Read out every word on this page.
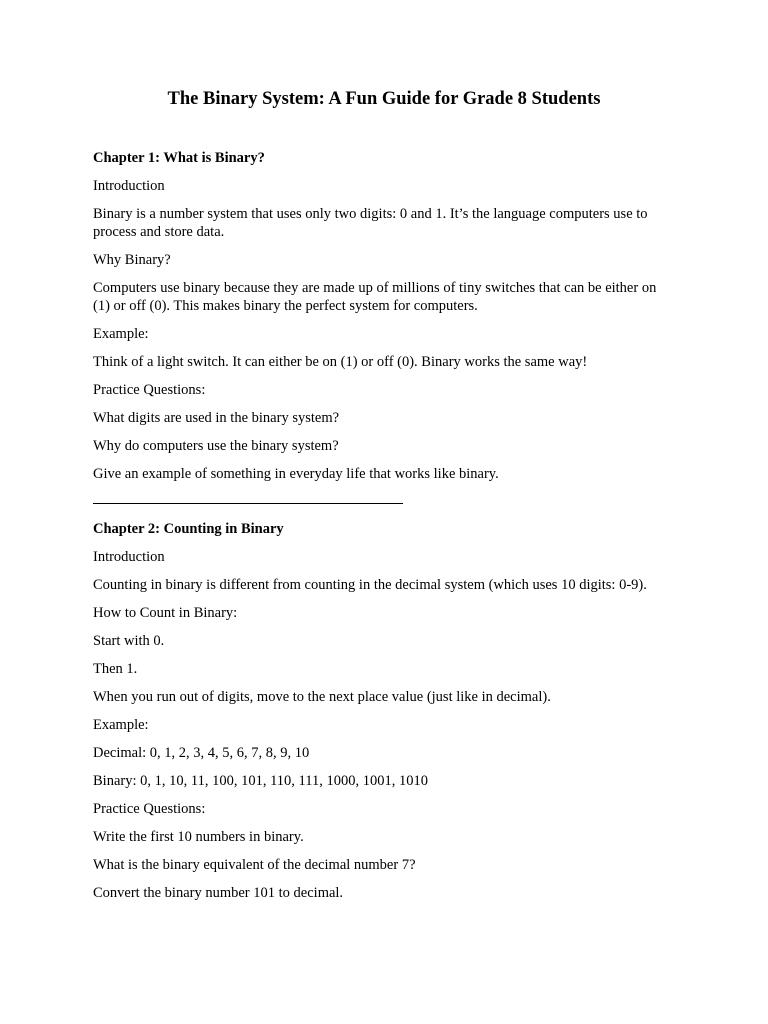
The Binary System: A Fun Guide for Grade 8 Students
Chapter 1: What is Binary?

Introduction

Binary is a number system that uses only two digits: 0 and 1. It’s the language computers use to process and store data.

Why Binary?

Computers use binary because they are made up of millions of tiny switches that can be either on (1) or off (0). This makes binary the perfect system for computers.

Example:

Think of a light switch. It can either be on (1) or off (0). Binary works the same way!

Practice Questions:

What digits are used in the binary system?

Why do computers use the binary system?

Give an example of something in everyday life that works like binary.

Chapter 2: Counting in Binary

Introduction

Counting in binary is different from counting in the decimal system (which uses 10 digits: 0-9).

How to Count in Binary:

Start with 0.

Then 1.

When you run out of digits, move to the next place value (just like in decimal).

Example:

Decimal: 0, 1, 2, 3, 4, 5, 6, 7, 8, 9, 10

Binary: 0, 1, 10, 11, 100, 101, 110, 111, 1000, 1001, 1010

Practice Questions:

Write the first 10 numbers in binary.

What is the binary equivalent of the decimal number 7?

Convert the binary number 101 to decimal.
